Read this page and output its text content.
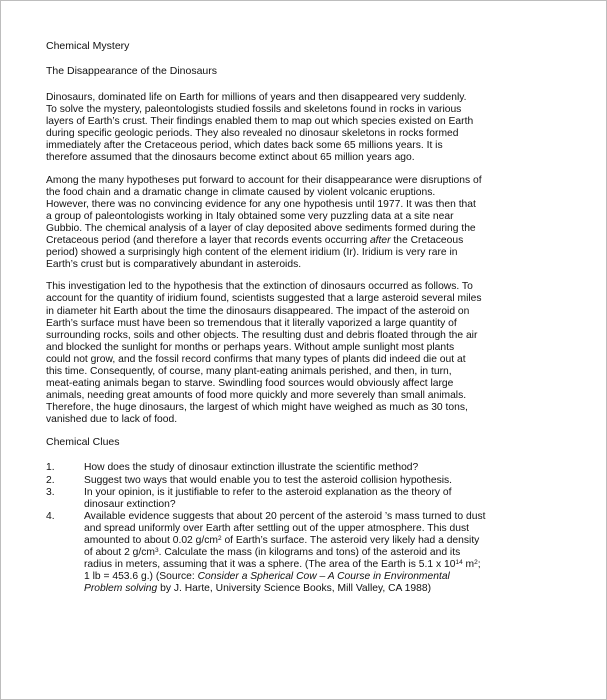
Chemical Mystery

The Disappearance of the Dinosaurs

Dinosaurs, dominated life on Earth for millions of years and then disappeared very suddenly.
To solve the mystery, paleontologists studied fossils and skeletons found in rocks in various
layers of Earth’s crust. Their findings enabled them to map out which species existed on Earth
during specific geologic periods. They also revealed no dinosaur skeletons in rocks formed
immediately after the Cretaceous period, which dates back some 65 millions years. It is
therefore assumed that the dinosaurs become extinct about 65 million years ago.
Among the many hypotheses put forward to account for their disappearance were disruptions of
the food chain and a dramatic change in climate caused by violent volcanic eruptions.
However, there was no convincing evidence for any one hypothesis until 1977. It was then that
a group of paleontologists working in Italy obtained some very puzzling data at a site near
Gubbio. The chemical analysis of a layer of clay deposited above sediments formed during the
Cretaceous period (and therefore a layer that records events occurring after the Cretaceous
period) showed a surprisingly high content of the element iridium (Ir). Iridium is very rare in
Earth’s crust but is comparatively abundant in asteroids.
This investigation led to the hypothesis that the extinction of dinosaurs occurred as follows. To
account for the quantity of iridium found, scientists suggested that a large asteroid several miles
in diameter hit Earth about the time the dinosaurs disappeared. The impact of the asteroid on
Earth’s surface must have been so tremendous that it literally vaporized a large quantity of
surrounding rocks, soils and other objects. The resulting dust and debris floated through the air
and blocked the sunlight for months or perhaps years. Without ample sunlight most plants
could not grow, and the fossil record confirms that many types of plants did indeed die out at
this time. Consequently, of course, many plant-eating animals perished, and then, in turn,
meat-eating animals began to starve. Swindling food sources would obviously affect large
animals, needing great amounts of food more quickly and more severely than small animals.
Therefore, the huge dinosaurs, the largest of which might have weighed as much as 30 tons,
vanished due to lack of food.

Chemical Clues

1.	How does the study of dinosaur extinction illustrate the scientific method?
2.	Suggest two ways that would enable you to test the asteroid collision hypothesis.
3.	In your opinion, is it justifiable to refer to the asteroid explanation as the theory of
dinosaur extinction?
4.	Available evidence suggests that about 20 percent of the asteroid ’s mass turned to dust
and spread uniformly over Earth after settling out of the upper atmosphere. This dust
amounted to about 0.02 $g/cm^2$ of Earth’s surface. The asteroid very likely had a density
of about 2 $g/cm^3$. Calculate the mass (in kilograms and tons) of the asteroid and its
radius in meters, assuming that it was a sphere. (The area of the Earth is 5.1 x $10^{14}$ $m^2$;
1 lb = 453.6 g.) (Source: Consider a Spherical Cow – A Course in Environmental
Problem solving by J. Harte, University Science Books, Mill Valley, CA 1988)
